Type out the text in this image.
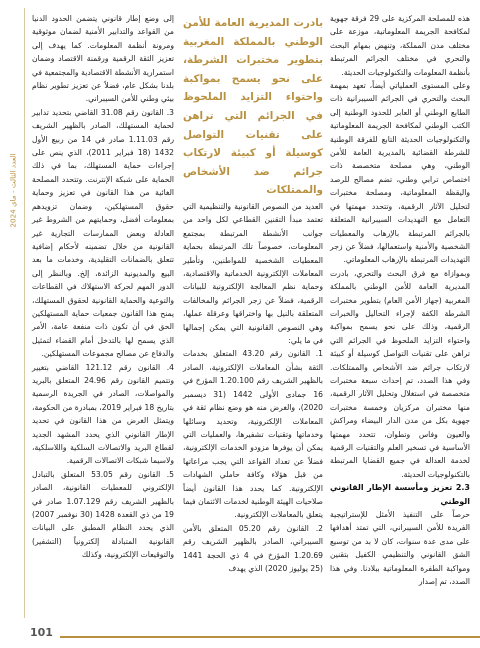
العدد الثالث - ماي 2024

هذه للمصلحة المركزية على 29 فرقة جهوية لمكافحة الجريمة المعلوماتية، موزعة على مختلف مدن المملكة، وتنهض بمهام البحث والتحري في مختلف الجرائم المرتبطة بأنظمة المعلومات والتكنولوجيات الحديثة.

وعلى المستوى العملياتي أيضاً، تعهد بمهمة البحث والتحري في الجرائم السيبرانية ذات الطابع الوطني أو العابر للحدود الوطنية إلى الكتب الوطني لمكافحة الجريمة المعلوماتية والتكنولوجيات الحديثة التابع للفرقة الوطنية للشرطة القضائية بالمديرية العامة للأمن الوطني، وهي مصلحة متخصصة ذات اختصاص ترابي وطني، تضم مصالح للرصد واليقظة المعلوماتية، ومصلحة مختبرات لتحليل الآثار الرقمية، وتتحدد مهمتها في التعامل مع التهديدات السيبرانية المتعلقة بالجرائم المرتبطة بالإرهاب والمعطيات الشخصية والأمنية واستعمالها، فضلاً عن زجر التهديدات المرتبطة بالإرهاب المعلوماتي.

وبموازاة مع فرق البحث والتحري، بادرت المديرية العامة للأمن الوطني بالمملكة المغربية (جهاز الأمن العام) بتطوير مختبرات الشرطة الكفة لإجراء التحاليل والخبرات الرقمية، وذلك على نحو يسمح بمواكبة واحتواء التزايد الملحوظ في الجرائم التي تراهن على تقنيات التواصل كوسيلة أو كبيئة لارتكاب جرائم ضد الأشخاص والممتلكات. وفي هذا الصدد، تم إحداث سبعة مختبرات متخصصة في استغلال وتحليل الآثار الرقمية، منها مختبران مركزيان وخمسة مختبرات جهوية بكل من مدن الدار البيضاء ومراكش والعيون وفاس وتطوان، تتحدد مهمتها الأساسية في تسخير العلم والتقنيات الرقمية لخدمة العدالة في جميع القضايا المرتبطة بالتكنولوجيات الحديثة.

2.3 تعزيز ومأسسة الإطار القانوني الوطني

حرصاً على التنفيذ الأمثل للإستراتيجية الفريدة للأمن السيبراني، التي تمتد أهدافها على مدى عدة سنوات، كان لا بد من توسيع الشق القانوني والتنظيمي الكفيل بتقنين ومواكبة الطفرة المعلوماتية ببلادنا. وفي هذا الصدد، تم إصدار

بادرت المديرية العامة للأمن الوطني بالمملكة المغربية بتطوير مختبرات الشرطة، على نحو يسمح بمواكبة واحتواء التزايد الملحوظ في الجرائم التي تراهن على تقنيات التواصل كوسيلة أو كبيئة لارتكاب جرائم ضد الأشخاص والممتلكات

العديد من النصوص القانونية والتنظيمية التي تعتمد مبدأ التقنين القطاعي لكل واحد من جوانب الأنشطة المرتبطة بمجتمع المعلومات، خصوصاً تلك المرتبطة بحماية المعطيات الشخصية للمواطنين، وتأطير المعاملات الإلكترونية الخدماتية والاقتصادية، وحماية نظم المعالجة الإلكترونية للبيانات الرقمية، فضلاً عن زجر الجرائم والمخالفات المتعلقة بالنيل بها واختراقها وعرقلة عملها، وهي النصوص القانونية التي يمكن إجمالها في ما يلي:

1. القانون رقم 43.20 المتعلق بخدمات الثقة بشأن المعاملات الإلكترونية، الصادر بالظهير الشريف رقم 1.20.100 المؤرخ في 16 جمادى الأولى 1442 (31 ديسمبر 2020)، والغرض منه هو وضع نظام ثقة في المعاملات الإلكترونية، وتحديد وسائلها وخدماتها وتقنيات تشفيرها، والعمليات التي يمكن أن يوفرها مزودو الخدمات الإلكترونية، فضلاً عن تعداد القواعد التي يجب مراعاتها من قبل هؤلاء وكافة حاملي الشهادات الإلكترونية. كما يحدد هذا القانون أيضاً صلاحيات الهيئة الوطنية لخدمات الائتمان فيما يتعلق بالمعاملات الإلكترونية.

2. القانون رقم 05.20 المتعلق بالأمن السيبراني، الصادر بالظهير الشريف رقم 1.20.69 المؤرخ في 4 ذي الحجة 1441 (25 يوليوز 2020) الذي يهدف

إلى وضع إطار قانوني يتضمن الحدود الدنيا من القواعد والتدابير الأمنية لضمان موثوقية ومرونة أنظمة المعلومات. كما يهدف إلى تعزيز الثقة الرقمية ورقمنة الاقتصاد وضمان استمرارية الأنشطة الاقتصادية والمجتمعية في بلدنا بشكل عام، فضلاً عن تعزيز تطوير نظام بيئي وطني للأمن السيبراني.

3. القانون رقم 31.08 القاضي بتحديد تدابير لحماية المستهلك، الصادر بالظهير الشريف رقم 1.11.03 صادر في 14 من ربيع الأول 1432 (18 فبراير 2011)، الذي ينص على إجراءات حماية المستهلك، بما في ذلك الحماية على شبكة الإنترنت. وتتحدد المصلحة الغائية من هذا القانون في تعزيز وحماية حقوق المستهلكين، وضمان تزويدهم بمعلومات أفضل، وحمايتهم من الشروط غير العادلة وبعض الممارسات التجارية غير القانونية من خلال تضمينه لأحكام إضافية تتعلق بالضمانات التقليدية، وخدمات ما بعد البيع والمديونية الزائدة، إلخ. وبالنظر إلى الدور المهم لحركة الاستهلاك في القطاعات والتوعية والحماية القانونية لحقوق المستهلك، يمنح هذا القانون جمعيات حماية المستهلكين الحق في أن تكون ذات منفعة عامة، الأمر الذي يسمح لها بالتدخل أمام القضاء لتمثيل والدفاع عن مصالح مجموعات المستهلكين.

4. القانون رقم 121.12 القاضي بتغيير وتتميم القانون رقم 24.96 المتعلق بالبريد والمواصلات، الصادر في الجريدة الرسمية بتاريخ 18 فبراير 2019، بمبادرة من الحكومة، ويتمثل الغرض من هذا القانون في تحديد الإطار القانوني الذي يحدد المشهد الجديد لقطاع البريد والاتصالات السلكية واللاسلكية، ولاسيما شبكات الاتصالات الرقمية.

5. القانون رقم 53.05 المتعلق بالتبادل الإلكتروني للمعطيات القانونية، الصادر بالظهير الشريف رقم 1.07.129 صادر في 19 من ذي القعدة 1428 (30 نوفمبر 2007) الذي يحدد النظام المطبق على البيانات القانونية المتبادلة إلكترونياً (التشفير) والتوقيعات الإلكترونية، وكذلك

101
